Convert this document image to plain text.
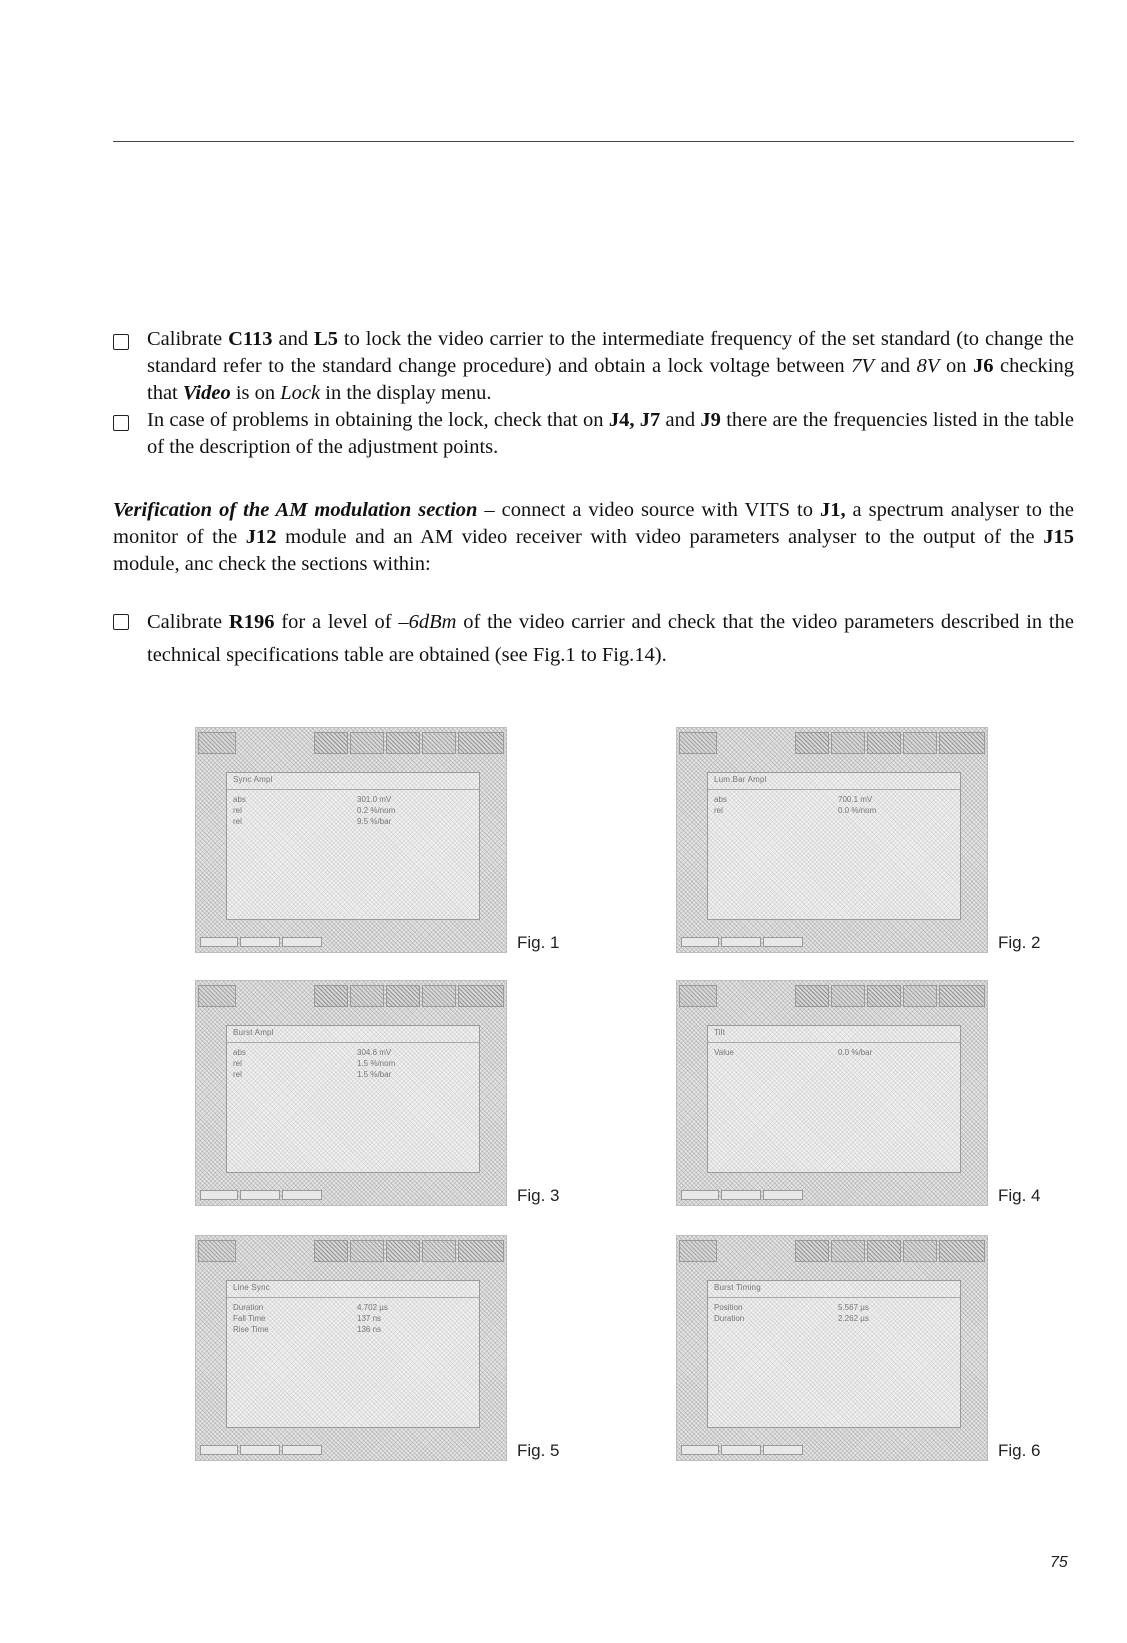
Calibrate C113 and L5 to lock the video carrier to the intermediate frequency of the set standard (to change the standard refer to the standard change procedure) and obtain a lock voltage between 7V and 8V on J6 checking that Video is on Lock in the display menu.
In case of problems in obtaining the lock, check that on J4, J7 and J9 there are the frequencies listed in the table of the description of the adjustment points.
Verification of the AM modulation section – connect a video source with VITS to J1, a spectrum analyser to the monitor of the J12 module and an AM video receiver with video parameters analyser to the output of the J15 module, anc check the sections within:
Calibrate R196 for a level of –6dBm of the video carrier and check that the video parameters described in the technical specifications table are obtained (see Fig.1 to Fig.14).
Sync Ampl
abs	301.0 mV
rel	0.2 %/nom
rel	9.5 %/bar
Fig. 1
Lum.Bar Ampl
abs	700.1 mV
rel	0.0 %/nom
Fig. 2
Burst Ampl
abs	304.6 mV
rel	1.5 %/nom
rel	1.5 %/bar
Fig. 3
Tilt
Value	0.0 %/bar
Fig. 4
Line Sync
Duration	4.702 µs
Fall Time	137 ns
Rise Time	136 ns
Fig. 5
Burst Timing
Position	5.567 µs
Duration	2.262 µs
Fig. 6
75
